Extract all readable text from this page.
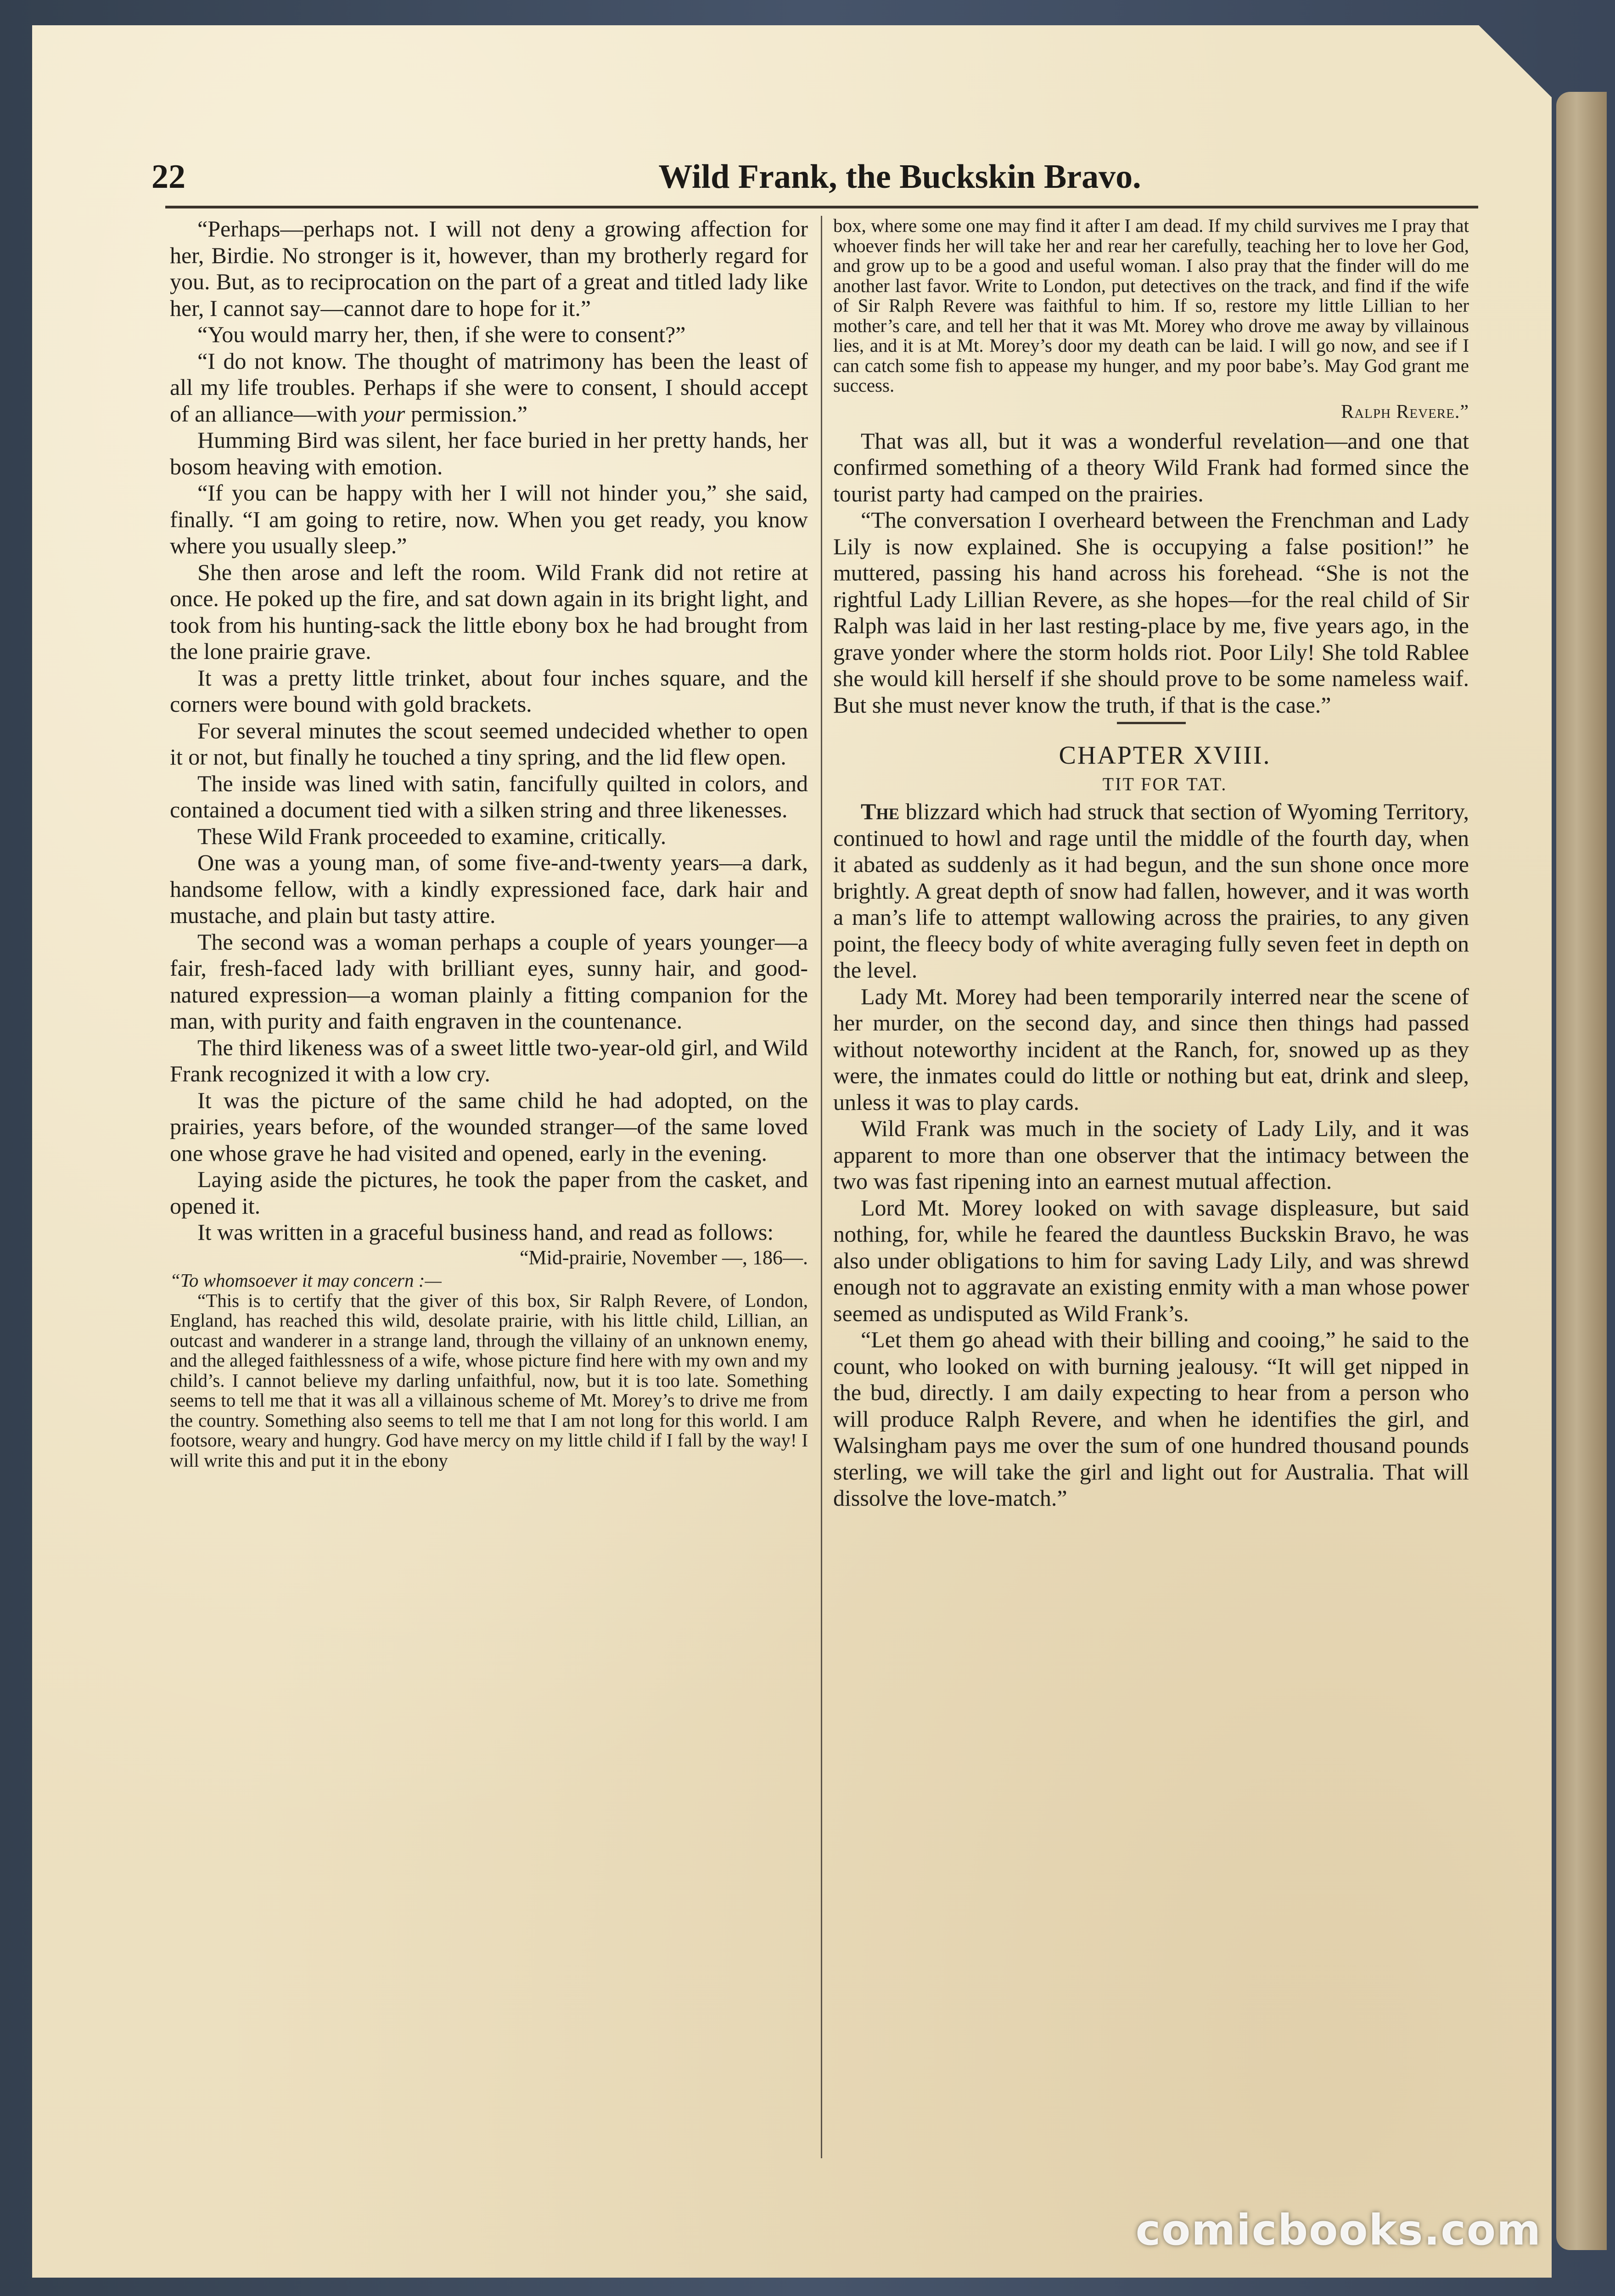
22	Wild Frank, the Buckskin Bravo.

“Perhaps—perhaps not. I will not deny a growing affection for her, Birdie. No stronger is it, however, than my brotherly regard for you. But, as to reciprocation on the part of a great and titled lady like her, I cannot say—cannot dare to hope for it.”

“You would marry her, then, if she were to consent?”

“I do not know. The thought of matrimony has been the least of all my life troubles. Perhaps if she were to consent, I should accept of an alliance—with your permission.”

Humming Bird was silent, her face buried in her pretty hands, her bosom heaving with emotion.

“If you can be happy with her I will not hinder you,” she said, finally. “I am going to retire, now. When you get ready, you know where you usually sleep.”

She then arose and left the room. Wild Frank did not retire at once. He poked up the fire, and sat down again in its bright light, and took from his hunting-sack the little ebony box he had brought from the lone prairie grave.

It was a pretty little trinket, about four inches square, and the corners were bound with gold brackets.

For several minutes the scout seemed undecided whether to open it or not, but finally he touched a tiny spring, and the lid flew open.

The inside was lined with satin, fancifully quilted in colors, and contained a document tied with a silken string and three likenesses.

These Wild Frank proceeded to examine, critically.

One was a young man, of some five-and-twenty years—a dark, handsome fellow, with a kindly expressioned face, dark hair and mustache, and plain but tasty attire.

The second was a woman perhaps a couple of years younger—a fair, fresh-faced lady with brilliant eyes, sunny hair, and good-natured expression—a woman plainly a fitting companion for the man, with purity and faith engraven in the countenance.

The third likeness was of a sweet little two-year-old girl, and Wild Frank recognized it with a low cry.

It was the picture of the same child he had adopted, on the prairies, years before, of the wounded stranger—of the same loved one whose grave he had visited and opened, early in the evening.

Laying aside the pictures, he took the paper from the casket, and opened it.

It was written in a graceful business hand, and read as follows:

“Mid-prairie, November —, 186—.

“To whomsoever it may concern :—

“This is to certify that the giver of this box, Sir Ralph Revere, of London, England, has reached this wild, desolate prairie, with his little child, Lillian, an outcast and wanderer in a strange land, through the villainy of an unknown enemy, and the alleged faithlessness of a wife, whose picture find here with my own and my child’s. I cannot believe my darling unfaithful, now, but it is too late. Something seems to tell me that it was all a villainous scheme of Mt. Morey’s to drive me from the country. Something also seems to tell me that I am not long for this world. I am footsore, weary and hungry. God have mercy on my little child if I fall by the way! I will write this and put it in the ebony

box, where some one may find it after I am dead. If my child survives me I pray that whoever finds her will take her and rear her carefully, teaching her to love her God, and grow up to be a good and useful woman. I also pray that the finder will do me another last favor. Write to London, put detectives on the track, and find if the wife of Sir Ralph Revere was faithful to him. If so, restore my little Lillian to her mother’s care, and tell her that it was Mt. Morey who drove me away by villainous lies, and it is at Mt. Morey’s door my death can be laid. I will go now, and see if I can catch some fish to appease my hunger, and my poor babe’s. May God grant me success.

Ralph Revere.”

That was all, but it was a wonderful revelation—and one that confirmed something of a theory Wild Frank had formed since the tourist party had camped on the prairies.

“The conversation I overheard between the Frenchman and Lady Lily is now explained. She is occupying a false position!” he muttered, passing his hand across his forehead. “She is not the rightful Lady Lillian Revere, as she hopes—for the real child of Sir Ralph was laid in her last resting-place by me, five years ago, in the grave yonder where the storm holds riot. Poor Lily! She told Rablee she would kill herself if she should prove to be some nameless waif. But she must never know the truth, if that is the case.”

CHAPTER XVIII.

TIT FOR TAT.

The blizzard which had struck that section of Wyoming Territory, continued to howl and rage until the middle of the fourth day, when it abated as suddenly as it had begun, and the sun shone once more brightly. A great depth of snow had fallen, however, and it was worth a man’s life to attempt wallowing across the prairies, to any given point, the fleecy body of white averaging fully seven feet in depth on the level.

Lady Mt. Morey had been temporarily interred near the scene of her murder, on the second day, and since then things had passed without noteworthy incident at the Ranch, for, snowed up as they were, the inmates could do little or nothing but eat, drink and sleep, unless it was to play cards.

Wild Frank was much in the society of Lady Lily, and it was apparent to more than one observer that the intimacy between the two was fast ripening into an earnest mutual affection.

Lord Mt. Morey looked on with savage displeasure, but said nothing, for, while he feared the dauntless Buckskin Bravo, he was also under obligations to him for saving Lady Lily, and was shrewd enough not to aggravate an existing enmity with a man whose power seemed as undisputed as Wild Frank’s.

“Let them go ahead with their billing and cooing,” he said to the count, who looked on with burning jealousy. “It will get nipped in the bud, directly. I am daily expecting to hear from a person who will produce Ralph Revere, and when he identifies the girl, and Walsingham pays me over the sum of one hundred thousand pounds sterling, we will take the girl and light out for Australia. That will dissolve the love-match.”

comicbooks.com
